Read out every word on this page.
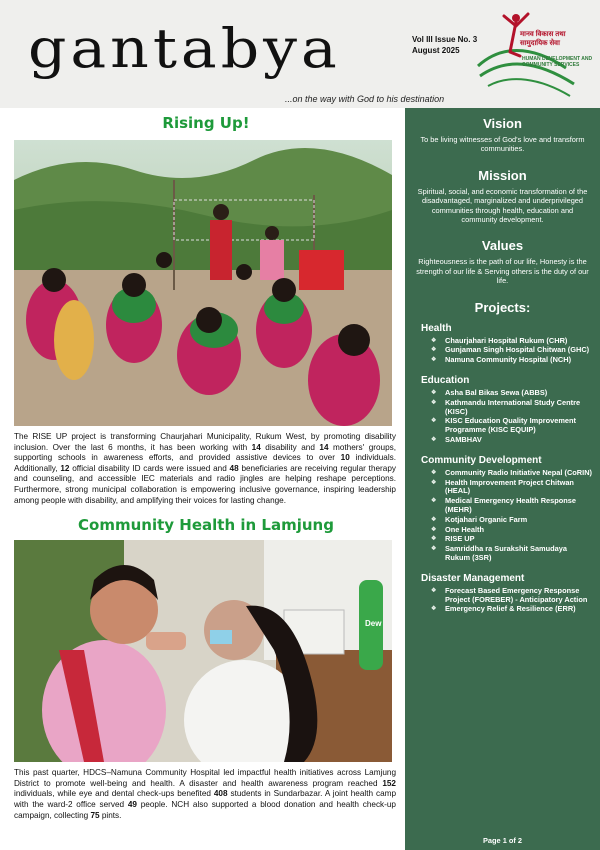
gantabya
...on the way with God to his destination
Vol III Issue No. 3
August 2025
मानव विकास तथा
सामुदायिक सेवा
HUMAN DEVELOPMENT AND
COMMUNITY SERVICES
Rising Up!

The RISE UP project is transforming Chaurjahari Municipality, Rukum West, by promoting disability inclusion. Over the last 6 months, it has been working with 14 disability and 14 mothers' groups, supporting schools in awareness efforts, and provided assistive devices to over 10 individuals. Additionally, 12 official disability ID cards were issued and 48 beneficiaries are receiving regular therapy and counseling, and accessible IEC materials and radio jingles are helping reshape perceptions. Furthermore, strong municipal collaboration is empowering inclusive governance, inspiring leadership among people with disability, and amplifying their voices for lasting change.

Community Health in Lamjung
Dew

This past quarter, HDCS–Namuna Community Hospital led impactful health initiatives across Lamjung District to promote well-being and health. A disaster and health awareness program reached 152 individuals, while eye and dental check-ups benefited 408 students in Sundarbazar. A joint health camp with the ward-2 office served 49 people. NCH also supported a blood donation and health check-up campaign, collecting 75 pints.

Vision

To be living witnesses of God's love and transform communities.

Mission

Spiritual, social, and economic transformation of the disadvantaged, marginalized and underprivileged communities through health, education and community development.

Values

Righteousness is the path of our life, Honesty is the strength of our life & Serving others is the duty of our life.

Projects:

Health

❖ Chaurjahari Hospital Rukum (CHR)
❖ Gunjaman Singh Hospital Chitwan (GHC)
❖ Namuna Community Hospital (NCH)

Education

❖ Asha Bal Bikas Sewa (ABBS)
❖ Kathmandu International Study Centre (KISC)
❖ KISC Education Quality Improvement Programme (KISC EQUIP)
❖ SAMBHAV

Community Development

❖ Community Radio Initiative Nepal (CoRIN)
❖ Health Improvement Project Chitwan (HEAL)
❖ Medical Emergency Health Response (MEHR)
❖ Kotjahari Organic Farm
❖ One Health
❖ RISE UP
❖ Samriddha ra Surakshit Samudaya Rukum (3SR)

Disaster Management

❖ Forecast Based Emergency Response Project (FOREBER) - Anticipatory Action
❖ Emergency Relief & Resilience (ERR)
Page 1 of 2
